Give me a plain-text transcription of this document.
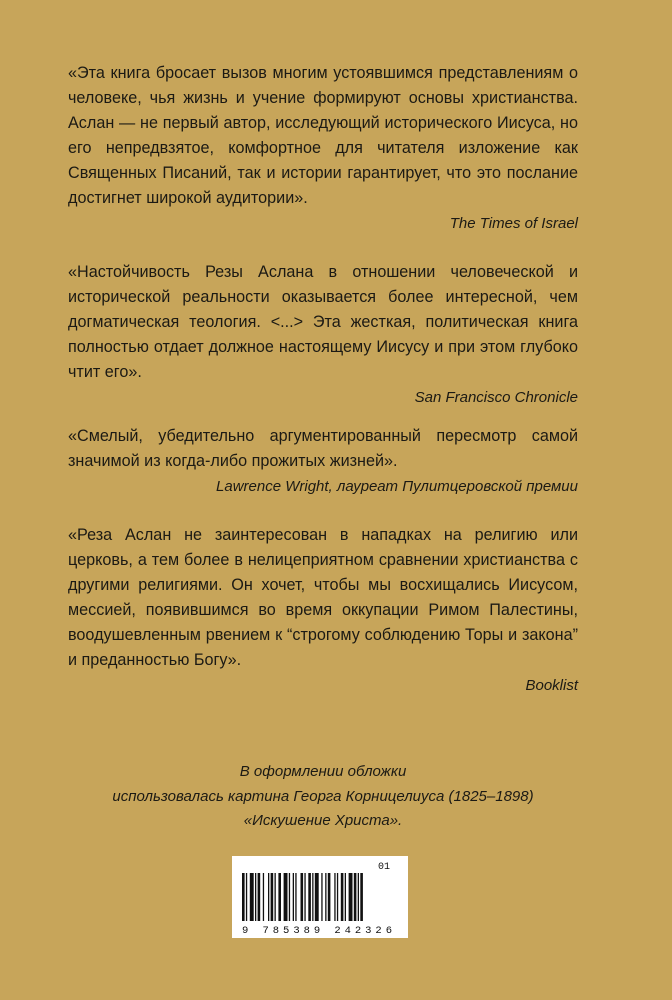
«Эта книга бросает вызов многим устоявшимся представлениям о человеке, чья жизнь и учение формируют основы христианства. Аслан — не первый автор, исследующий исторического Иисуса, но его непредвзятое, комфортное для читателя изложение как Священных Писаний, так и истории гарантирует, что это послание достигнет широкой аудитории».

The Times of Israel

«Настойчивость Резы Аслана в отношении человеческой и исторической реальности оказывается более интересной, чем догматическая теология. <...> Эта жесткая, политическая книга полностью отдает должное настоящему Иисусу и при этом глубоко чтит его».

San Francisco Chronicle

«Смелый, убедительно аргументированный пересмотр самой значимой из когда-либо прожитых жизней».

Lawrence Wright, лауреат Пулитцеровской премии

«Реза Аслан не заинтересован в нападках на религию или церковь, а тем более в нелицеприятном сравнении христианства с другими религиями. Он хочет, чтобы мы восхищались Иисусом, мессией, появившимся во время оккупации Римом Палестины, воодушевленным рвением к “строгому соблюдению Торы и закона” и преданностью Богу».

Booklist

В оформлении обложки
использовалась картина Георга Корницелиуса (1825–1898)
«Искушение Христа».
01
9 785389 242326
